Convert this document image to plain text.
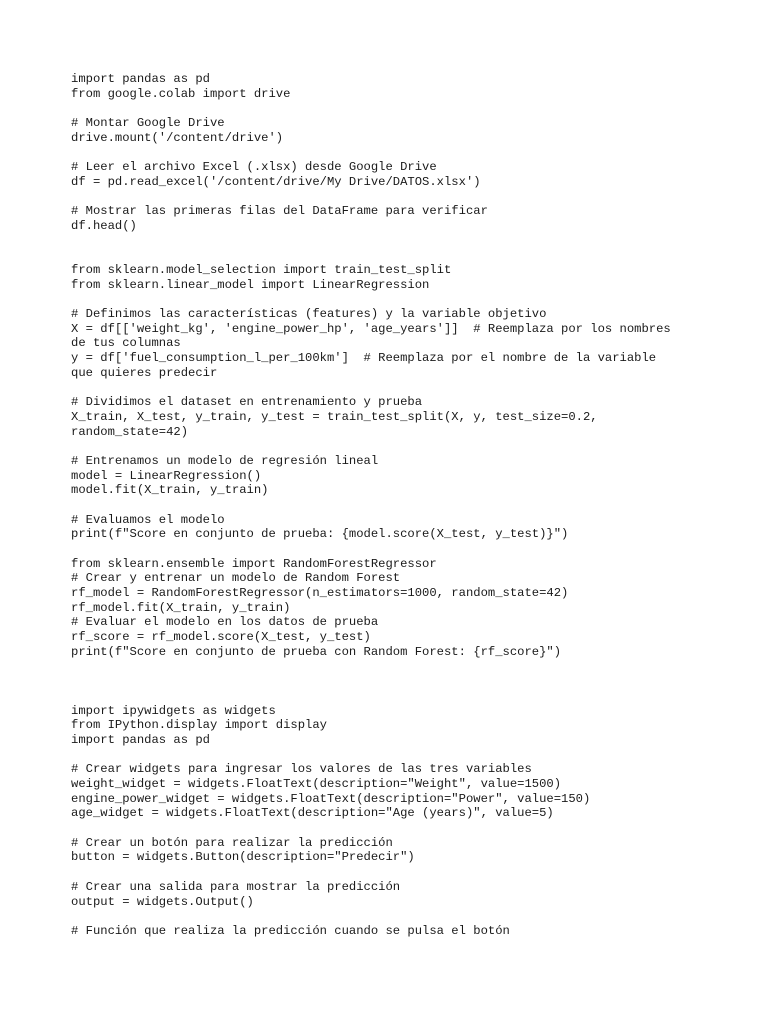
import pandas as pd
from google.colab import drive
# Montar Google Drive
drive.mount('/content/drive')
# Leer el archivo Excel (.xlsx) desde Google Drive
df = pd.read_excel('/content/drive/My Drive/DATOS.xlsx')
# Mostrar las primeras filas del DataFrame para verificar
df.head()
from sklearn.model_selection import train_test_split
from sklearn.linear_model import LinearRegression
# Definimos las características (features) y la variable objetivo
X = df[['weight_kg', 'engine_power_hp', 'age_years']]  # Reemplaza por los nombres
de tus columnas
y = df['fuel_consumption_l_per_100km']  # Reemplaza por el nombre de la variable
que quieres predecir
# Dividimos el dataset en entrenamiento y prueba
X_train, X_test, y_train, y_test = train_test_split(X, y, test_size=0.2,
random_state=42)
# Entrenamos un modelo de regresión lineal
model = LinearRegression()
model.fit(X_train, y_train)
# Evaluamos el modelo
print(f"Score en conjunto de prueba: {model.score(X_test, y_test)}")
from sklearn.ensemble import RandomForestRegressor
# Crear y entrenar un modelo de Random Forest
rf_model = RandomForestRegressor(n_estimators=1000, random_state=42)
rf_model.fit(X_train, y_train)
# Evaluar el modelo en los datos de prueba
rf_score = rf_model.score(X_test, y_test)
print(f"Score en conjunto de prueba con Random Forest: {rf_score}")
import ipywidgets as widgets
from IPython.display import display
import pandas as pd
# Crear widgets para ingresar los valores de las tres variables
weight_widget = widgets.FloatText(description="Weight", value=1500)
engine_power_widget = widgets.FloatText(description="Power", value=150)
age_widget = widgets.FloatText(description="Age (years)", value=5)
# Crear un botón para realizar la predicción
button = widgets.Button(description="Predecir")
# Crear una salida para mostrar la predicción
output = widgets.Output()
# Función que realiza la predicción cuando se pulsa el botón
